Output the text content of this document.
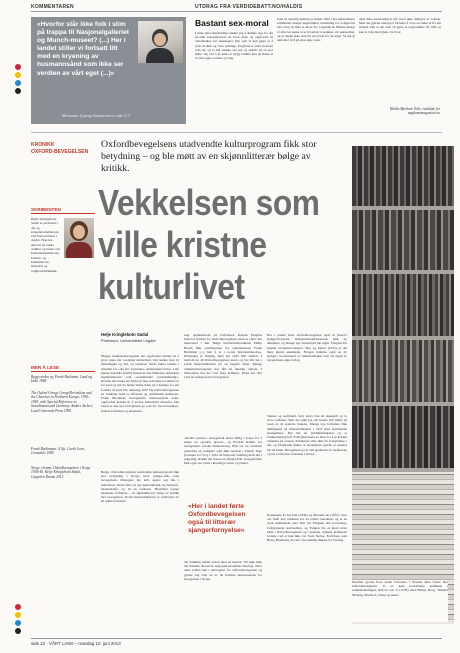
KOMMENTAREN	UTDRAG FRA VERDIDEBATT.NO/HALDIS
«Hvorfor står ikke folk i stim på trappa til Nasjonalgalleriet og Munch-museet? (...) Her i landet stiller vi fortsatt litt med en kryening av husmannsånd som ikke ser verdien av vårt eget (...)»
Marianne Lystrup kommenterer side 2-3
Bastant sex-moral
I møte med ungdommer ønsker jeg å demme opp for det enorme seksualpresset de lever med, og oppfordre til avholdenhet før ekteskapet. Det som vi kan gjøre er å lytte til dem og være tydelige. Ungdom er aldri så utsatt som nå, og vi må snakke om sex og samliv på en god måte. Og ved å gi dem en trygg ramme kan de finne ut av sine egne verdier og valg.
kom en naturlig løsning på kølen. Mitt i det seksualiserte samfunnet trenger ungdommer veiledning for å slippe bli tatt i ting de ikke er klare for. Ungdom & Mediet mener vi alle bør tenke over hvordan vi snakker om seksualitet, og at denne ikke skal bli en byrde for de unge. Vi må gi dem mot til å gå sine egne veier.
dens ikke nødvendigvis når noen ikke tidligere er voksne. Men det gjelder nettopp å fortsette å være en støtte ut fra sitt ståsted. Det er det som vil gjøre at ungdommer får tillit og kan ta valg med glede for livet.
Haldis Bjerkrok Volle, redaktør for ungdomsmagasinet.no
KRONIKK
OXFORD-BEVEGELSEN
Oxfordbevegelsens utadvendte kulturprogram fikk stor betydning – og ble møtt av en skjønnlitterær bølge av kritikk.
Vekkelsen som
ville kristne
kulturlivet
SKRIBENTEN
Helje Kringlebotn Sødal er professor i det og kristendomshistorie ved Universitetet i Agder. Hun har skrevet en rekke artikler og bøker om kristendomshistorie, kvinne- og kirkehistorie, litteratur og religionsdidaktikk.
MER Å LESE
Bygg verden ny, Frank Buchman, Land og kirke 1948
The Oxford Group, Group Revivalism and the Churches in Northern Europe, 1930–1945, with Special Reference to Scandinavia and Germany. Anders Jarlert, Lund University Press 1995
Frank Buchmann. A life. Garth Lean, Constable 1985
Norge i brann, Oxfordbevegelsen i Norge 1934-40. Helje Kringlebotn Sødal, Cappelen Damm 2013
Helje Kringlebotn Sødal
Professor, Universitetet i Agder
Mange vekkelsesbevegelser har oppfordret kristne til å styre unna det verdslige kulturlivet. Det kunne føre til frimodighet og fall, og ressurser burde heller brukes i arbeidet for «det ene fornødne», menneskets frelse. I sin kjente Sedaliks (1929) beskriver Ole Hallesby samtidens skjønnlitteratur som «sommetider syndommeligt». Kristne bør bruke sin fritid på ting som ikke tar dem bort fra Gud og bør ha heller bruke tiden på å kjempe for sitt forhold til Gud. Fra omkring 1935 ble Oxfordbevegelsen en vekkelse med et offensivt og optimistisk kultursyn. Frank Buchman, bevegelsens internasjonale leder, oppfordret kristne til å erobre kulturlivet innenfra. Det betød at den nye bevegelsen ga rom for nyoversettelser, kristne forfattere og kunstnere.
Bølge. Oxfordbevegelsen utadvendte kulturprogram fikk stor betydning i Norge, hvor gruppe-folk, som bevegelsens tilhengere ble kalt, kastet seg inn i kulturlivet. Dette førte til nye kulturuttrykk og litteratur-modernisme, og til en reaksjon. Buchman regnet hedenske forfattere – en skjønnlitterær bølge av kritikk mot bevegelsen. Norsk litteraturhistorie er selvbelyst av en rekke forfattere.
sagt oppmerksom på forfatteren Ronald Fangens litterære innsats for Oxfordbevegelsen, men er ellers lite interessert i den. Bølge litteraturhistorikeren Philip Houm fikk «innflytelsen fra amerikaneren Frank Buchman [...] hatt å si i norsk litteraturhistorie». Påstanden er rimelig, men har aldri blitt studert. I mellom de 40 Oxfordbevegelsen skrev og ble bilt inn i norsk litteraturhistorie på en negativ måte. Mange vekkelsesbevegelser har fått en uheldig omtale. I litteraturen har det vært flere kritikere. Dette har ofte vært en reaksjon mot bevegelsen.
«Positiv presse». Gruppefolk skrev flittig i aviser for å skape en «positiv presse», og Fredrik Ramm var bevegelsens norske mediestrateg. Han var en velansett journalist og redaktør, som fikk sparken i Tidens Tegn (forløper for VG) i 1934 da Nasjonal Samling kom inn i regjering. Ramm ble senere en viktig kilde. Gruppefolket fikk også stor plass i kristelige aviser og blader.
«Her i landet førte Oxfordbevegelsen også til litterær sjangerfornyelse»
nal Samling reddet ersten med sø kapital. NS ikke ikke det Ramms skrevnon nasjonalsosialistisk ideologi. Etter dette jobbet han i ideologien for Oxfordbevegelsen og gjorde seg som en av de fremste eksponentene for bevegelsen i Norge.
Her i landet førte Oxfordbevegelsen også til litterær sjangerfornyelse. Bekjennelseslitteraturen fikk ny aktualitet, og mange nye vitnesbyrd ble utgitt. Fangens En kristen verdensrevolusjon. Mot ny kultur (1935) er det mest kjente eksemplet. Fangen innførte også en ny sjanger: oversettelser av vekkelsesbøker som var utgitt av bevegelsens egne forlag.
Saknas og nedbrudd. Selv skrev han ett skuespill og to store romaner. Sent der gikk jeg om kunne fint måtte på noen av de sentrale bøkene. Mange nye forfattere fikk muligheten på Nationaltheatret i 1937 med kommende skuespillere. Det ble en publikumsuksess og et kritikermessig fall. Folk gikk mann av huse for å se kristen vekkelse på scenen. Kritikerne ville ikke ha forkynnelse i det, og Dagbladet mente at bevegelsen gjorde at teateret ble en kirke. Bevegelsen ga et vidt spektrum av forfatterne og ble et litterært fenomen i sin tid.
Romanene Et har hun (1936) og Allerede nu (1937) viser oss fram noe vekkelse for en relativ leserkrets og er en sterk dømmende tone. Her var Fangens den troverdige, forkynnende skrivestilen, og Fangen ble et kjent navn både i Oxfordbevegelsen og i pressen. Smeker kritikeren fortalte ved at hun ikke var Sven Stolpe. Forfattere som Harry Blomberg dro inn i det samme miljøet fra Sverige.
Parallelt gjorde flere andre forfattere i Norden ikke fronte mot Oxfordbevegelsen. Ti av dem koordinerte kritikken i artikkelsamlingen Oxford och vi (1939) med Hvilge Krog, Vilhelm Moberg, Martin A. Nexø og Aksel
side 22 · VÅRT LAND – mandag 10. juni 2013
